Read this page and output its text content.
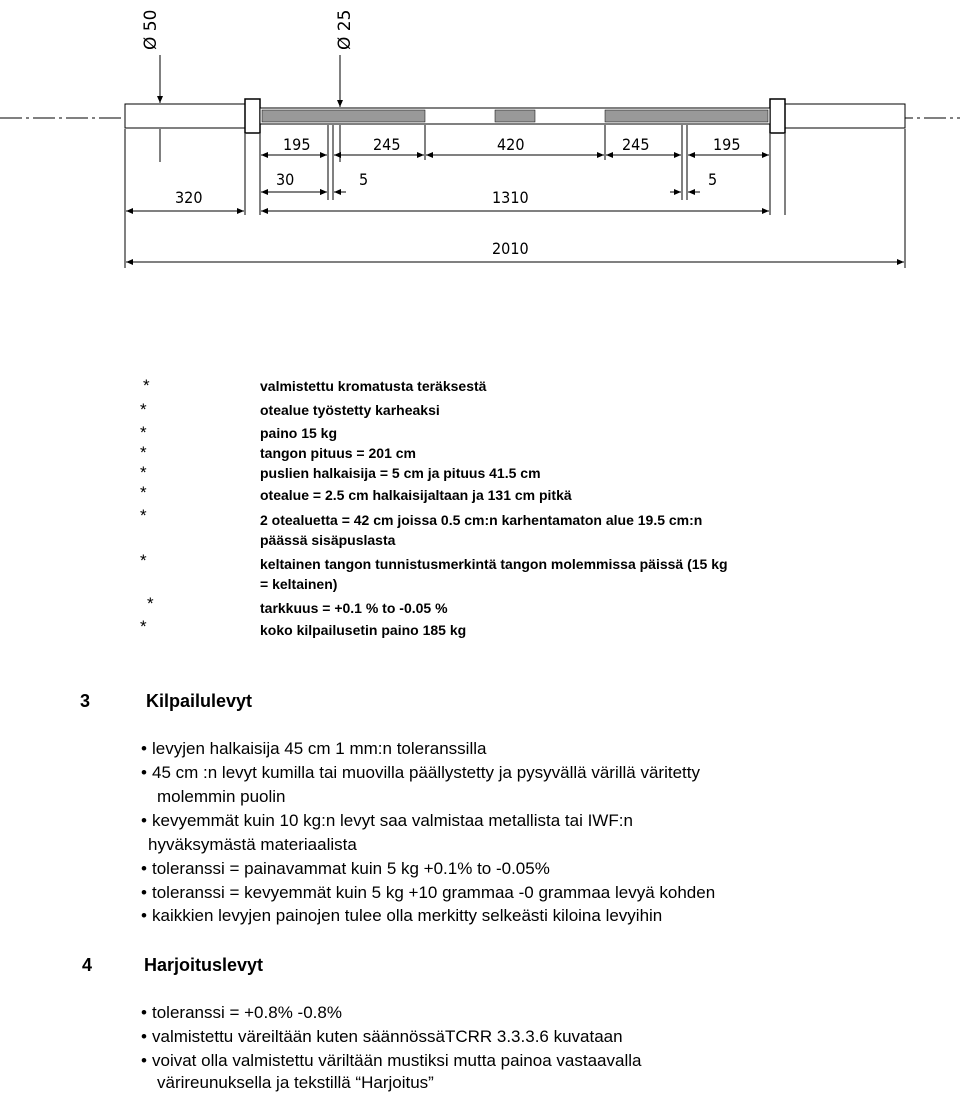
Ø 50	Ø 25
195	245	420	245	195
30	5	5
320	1310
2010
*	valmistettu kromatusta teräksestä
*	otealue työstetty karheaksi
*	paino 15 kg
*	tangon pituus = 201 cm
*	puslien halkaisija = 5 cm ja pituus 41.5 cm
*	otealue = 2.5 cm halkaisijaltaan ja 131 cm pitkä
*	2 otealuetta = 42 cm joissa 0.5 cm:n karhentamaton alue 19.5 cm:n
päässä sisäpuslasta
*	keltainen tangon tunnistusmerkintä tangon molemmissa päissä (15 kg
= keltainen)
*	tarkkuus = +0.1 % to -0.05 %
*	koko kilpailusetin paino 185 kg
3	Kilpailulevyt
• levyjen halkaisija 45 cm 1 mm:n toleranssilla
• 45 cm :n levyt kumilla tai muovilla päällystetty ja pysyvällä värillä väritetty
molemmin puolin
• kevyemmät kuin 10 kg:n levyt saa valmistaa metallista tai IWF:n
hyväksymästä materiaalista
• toleranssi = painavammat kuin 5 kg +0.1% to -0.05%
• toleranssi = kevyemmät kuin 5 kg +10 grammaa -0 grammaa levyä kohden
• kaikkien levyjen painojen tulee olla merkitty selkeästi kiloina levyihin
4	Harjoituslevyt
• toleranssi = +0.8% -0.8%
• valmistettu väreiltään kuten säännössäTCRR 3.3.3.6 kuvataan
• voivat olla valmistettu väriltään mustiksi mutta painoa vastaavalla
värireunuksella ja tekstillä “Harjoitus”
